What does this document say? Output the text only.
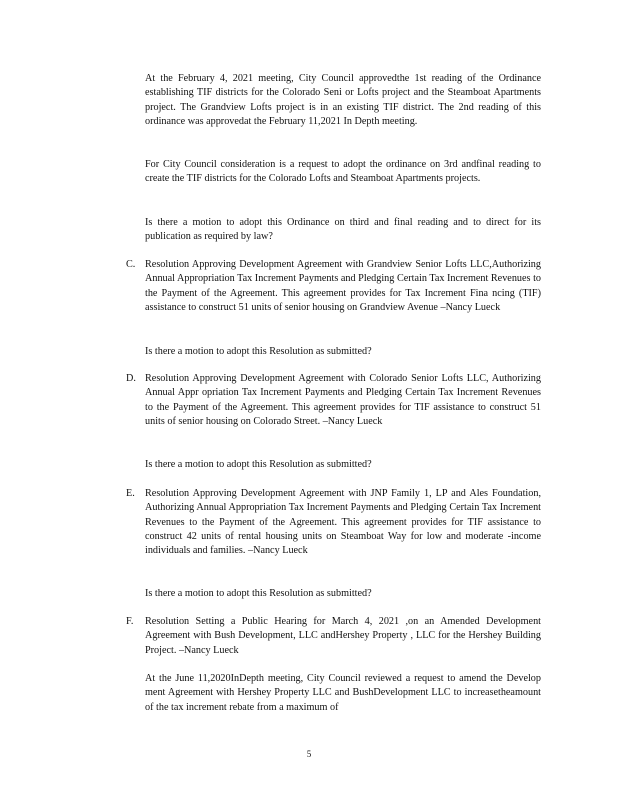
At the February 4, 2021 meeting, City Council approvedthe 1st reading of the Ordinance establishing TIF districts for the Colorado Seni or Lofts project and the Steamboat Apartments project. The Grandview Lofts project is in an existing TIF district. The 2nd reading of this ordinance was approvedat the February 11,2021 In Depth meeting.

For City Council consideration is a request to adopt the ordinance on 3rd andfinal reading to create the TIF districts for the Colorado Lofts and Steamboat Apartments projects.

Is there a motion to adopt this Ordinance on third and final reading and to direct for its publication as required by law?

C. Resolution Approving Development Agreement with Grandview Senior Lofts LLC,Authorizing Annual Appropriation Tax Increment Payments and Pledging Certain Tax Increment Revenues to the Payment of the Agreement. This agreement provides for Tax Increment Fina ncing (TIF) assistance to construct 51 units of senior housing on Grandview Avenue –Nancy Lueck

Is there a motion to adopt this Resolution as submitted?

D. Resolution Approving Development Agreement with Colorado Senior Lofts LLC, Authorizing Annual Appr opriation Tax Increment Payments and Pledging Certain Tax Increment Revenues to the Payment of the Agreement. This agreement provides for TIF assistance to construct 51 units of senior housing on Colorado Street. –Nancy Lueck

Is there a motion to adopt this Resolution as submitted?

E.	Resolution Approving Development Agreement with JNP Family 1, LP and Ales Foundation, Authorizing Annual Appropriation Tax Increment Payments and Pledging Certain Tax Increment Revenues to the Payment of the Agreement. This agreement provides for TIF assistance to construct 42 units of rental housing units on Steamboat Way for low and moderate -income individuals and families. –Nancy Lueck

Is there a motion to adopt this Resolution as submitted?

F.	Resolution Setting a Public Hearing for March 4, 2021 ,on an Amended Development Agreement with Bush Development, LLC andHershey Property , LLC for the Hershey Building Project. –Nancy Lueck

At the June 11,2020InDepth meeting, City Council reviewed a request to amend the Develop ment Agreement with Hershey Property LLC and BushDevelopment LLC to increasetheamount of the tax increment rebate from a maximum of

5
